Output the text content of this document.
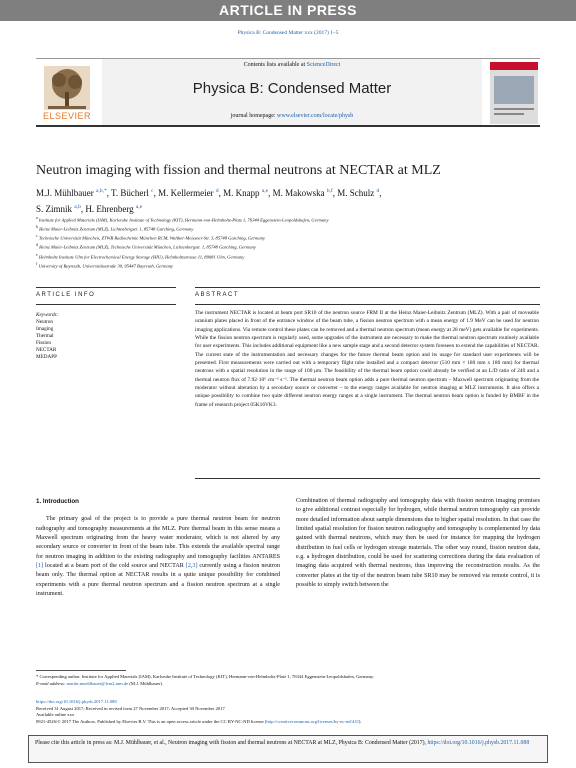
ARTICLE IN PRESS
Physica B: Condensed Matter xxx (2017) 1–5
ELSEVIER
Contents lists available at ScienceDirect
Physica B: Condensed Matter
journal homepage: www.elsevier.com/locate/physb
Neutron imaging with fission and thermal neutrons at NECTAR at MLZ
M.J. Mühlbauer $^{a,b,*}$, T. Bücherl $^c$, M. Kellermeier $^d$, M. Knapp $^{a,e}$, M. Makowska $^{b,f}$, M. Schulz $^d$,
S. Zimnik $^{a,b}$, H. Ehrenberg $^{a,e}$
$^a$ Institute for Applied Materials (IAM), Karlsruhe Institute of Technology (KIT), Hermann-von-Helmholtz-Platz 1, 76344 Eggenstein-Leopoldshafen, Germany
$^b$ Heinz Maier-Leibnitz Zentrum (MLZ), Lichtenbergstr. 1, 85748 Garching, Germany
$^c$ Technische Universität München, ZTWB Radiochemie München RCM, Walther-Meissner-Str. 3, 85748 Garching, Germany
$^d$ Heinz Maier-Leibnitz Zentrum (MLZ), Technische Universität München, Lichtenbergstr. 1, 85748 Garching, Germany
$^e$ Helmholtz Institute Ulm for Electrochemical Energy Storage (HIU), Helmholtzstrasse 11, 89081 Ulm, Germany
$^f$ University of Bayreuth, Universitätsstraße 30, 95447 Bayreuth, Germany
ARTICLE INFO	ABSTRACT
Keywords:
Neutron
Imaging
Thermal
Fission
NECTAR
MEDAPP
The instrument NECTAR is located at beam port SR10 of the neutron source FRM II at the Heinz Maier-Leibnitz Zentrum (MLZ). With a pair of moveable uranium plates placed in front of the entrance window of the beam tube, a fission neutron spectrum with a mean energy of 1.9 MeV can be used for neutron imaging applications. Via remote control these plates can be removed and a thermal neutron spectrum (mean energy at 28 meV) gets available for experiments. While the fission neutron spectrum is regularly used, some upgrades of the instrument are necessary to make the thermal neutron spectrum routinely available for user experiments. This includes additional equipment like a new sample stage and a second detector system foreseen to extend the capabilities of NECTAR. The current state of the instrumentation and necessary changes for the future thermal beam option and its usage for standard user experiments will be presented. First measurements were carried out with a temporary flight tube installed and a compact detector (510 mm × 180 mm x 180 mm) for thermal neutrons with a spatial resolution in the range of 100 μm. The feasibility of the thermal beam option could already be verified at an L/D ratio of 240 and a thermal neutron flux of 7.92·10⁶ cm⁻² s⁻¹. The thermal neutron beam option adds a pure thermal neutron spectrum – Maxwell spectrum originating from the moderator without alteration by a secondary source or converter – to the energy ranges available for neutron imaging at MLZ instruments. It also offers a unique possibility to combine two quite different neutron energy ranges at a single instrument. The thermal neutron beam option is funded by BMBF in the frame of research project 05K16VK3.
1. Introduction

The primary goal of the project is to provide a pure thermal neutron beam for neutron radiography and tomography measurements at the MLZ. Pure thermal beam in this sense means a Maxwell spectrum originating from the heavy water moderator, which is not altered by any secondary source or converter in front of the beam tube. This extends the available spectral range for neutron imaging in addition to the existing radiography and tomography facilities ANTARES [1] located at a beam port of the cold source and NECTAR [2,3] currently using a fission neutron beam only. The thermal option at NECTAR results in a quite unique possibility for combined experiments with a pure thermal neutron spectrum and a fission neutron spectrum at a single instrument.

Combination of thermal radiography and tomography data with fission neutron imaging promises to give additional contrast especially for hydrogen, while thermal neutron tomography can provide more detailed information about sample dimensions due to higher spatial resolution. In that case the limited spatial resolution for fission neutron radiography and tomography is complemented by data gained with thermal neutrons, which may then be used for instance for mapping the hydrogen distribution in fuel cells or hydrogen storage materials. The other way round, fission neutron data, e.g. a hydrogen distribution, could be used for scattering corrections during the data evaluation of imaging data acquired with thermal neutrons, thus improving the reconstruction results. As the converter plates at the tip of the neutron beam tube SR10 may be removed via remote control, it is possible to simply switch between the

* Corresponding author. Institute for Applied Materials (IAM), Karlsruhe Institute of Technology (KIT), Hermann-von-Helmholtz-Platz 1, 76344 Eggenstein-Leopoldshafen, Germany.
E-mail address: martin.muehlbauer@frm2.tum.de (M.J. Mühlbauer).
https://doi.org/10.1016/j.physb.2017.11.088
Received 31 August 2017; Received in revised form 27 November 2017; Accepted 30 November 2017
Available online xxx
0921-4526/© 2017 The Authors. Published by Elsevier B.V. This is an open access article under the CC BY-NC-ND license (http://creativecommons.org/licenses/by-nc-nd/4.0/).
Please cite this article in press as: M.J. Mühlbauer, et al., Neutron imaging with fission and thermal neutrons at NECTAR at MLZ, Physica B: Condensed Matter (2017), https://doi.org/10.1016/j.physb.2017.11.088
